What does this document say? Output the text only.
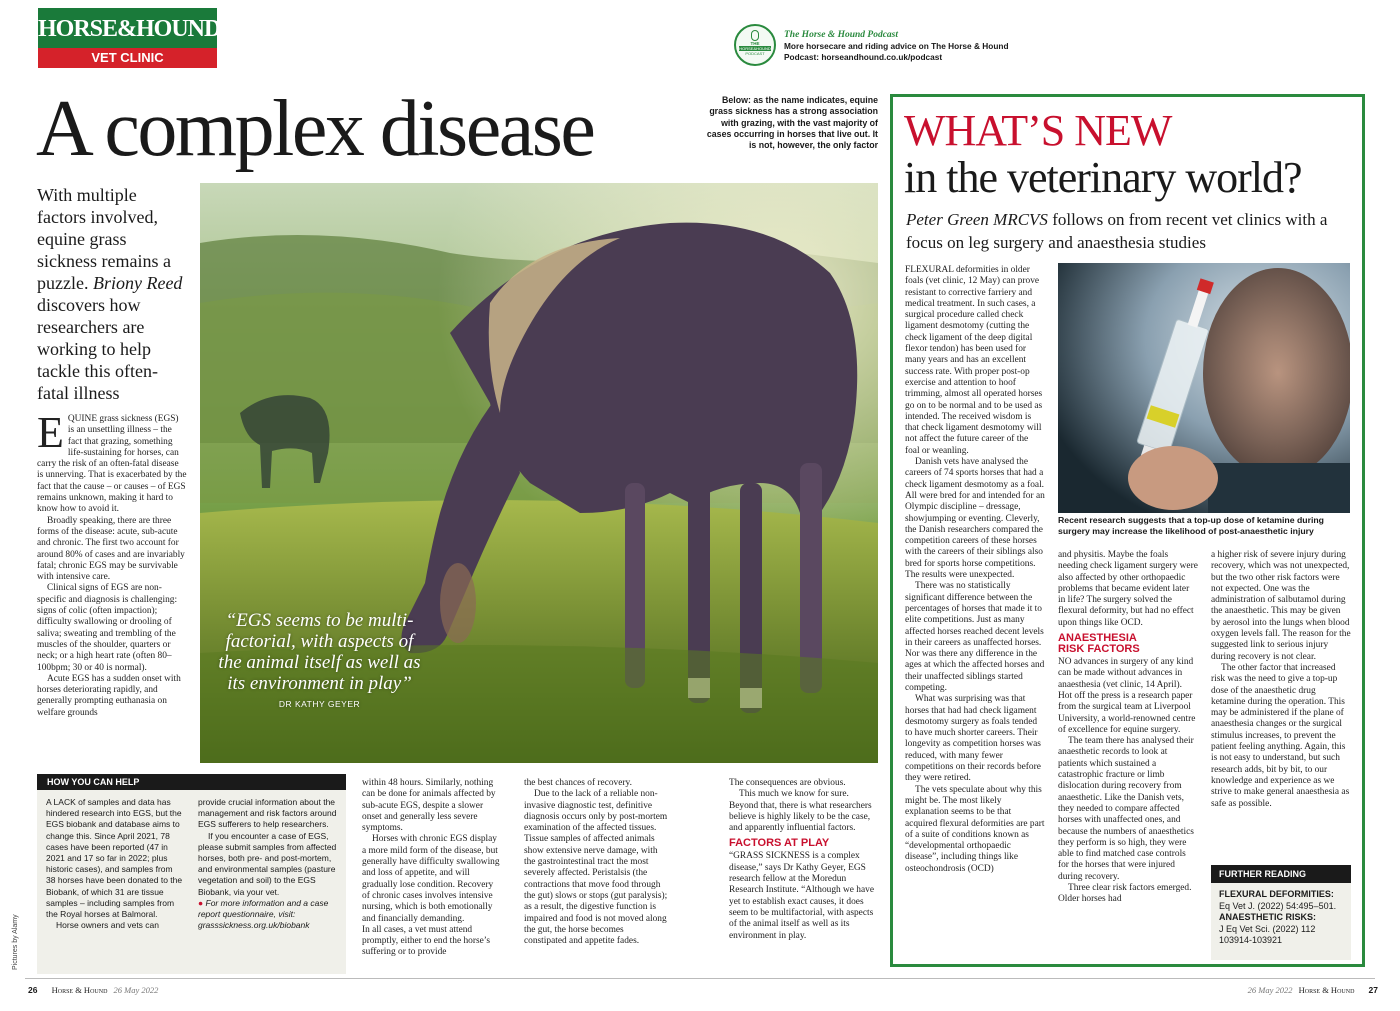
HORSE&HOUND
VET CLINIC
THE
HORSE&HOUND
PODCAST
The Horse & Hound Podcast
More horsecare and riding advice on The Horse & Hound
Podcast: horseandhound.co.uk/podcast
A complex disease	Below: as the name indicates, equine grass sickness has a strong association with grazing, with the vast majority of cases occurring in horses that live out. It is not, however, the only factor
With multiple factors involved, equine grass sickness remains a puzzle. Briony Reed discovers how researchers are working to help tackle this often-fatal illness
“EGS seems to be multi-factorial, with aspects of the animal itself as well as its environment in play”
DR KATHY GEYER

EQUINE grass sickness (EGS) is an unsettling illness – the fact that grazing, something life-sustaining for horses, can carry the risk of an often-fatal disease is unnerving. That is exacerbated by the fact that the cause – or causes – of EGS remains unknown, making it hard to know how to avoid it.

Broadly speaking, there are three forms of the disease: acute, sub-acute and chronic. The first two account for around 80% of cases and are invariably fatal; chronic EGS may be survivable with intensive care.

Clinical signs of EGS are non-specific and diagnosis is challenging: signs of colic (often impaction); difficulty swallowing or drooling of saliva; sweating and trembling of the muscles of the shoulder, quarters or neck; or a high heart rate (often 80–100bpm; 30 or 40 is normal).

Acute EGS has a sudden onset with horses deteriorating rapidly, and generally prompting euthanasia on welfare grounds

HOW YOU CAN HELP
A LACK of samples and data has hindered research into EGS, but the EGS biobank and database aims to change this. Since April 2021, 78 cases have been reported (47 in 2021 and 17 so far in 2022; plus historic cases), and samples from 38 horses have been donated to the Biobank, of which 31 are tissue samples – including samples from the Royal horses at Balmoral.
Horse owners and vets can
provide crucial information about the management and risk factors around EGS sufferers to help researchers.
If you encounter a case of EGS, please submit samples from affected horses, both pre- and post-mortem, and environmental samples (pasture vegetation and soil) to the EGS Biobank, via your vet.
● For more information and a case report questionnaire, visit: grasssickness.org.uk/biobank
Pictures by Alamy

within 48 hours. Similarly, nothing can be done for animals affected by sub-acute EGS, despite a slower onset and generally less severe symptoms.

Horses with chronic EGS display a more mild form of the disease, but generally have difficulty swallowing and loss of appetite, and will gradually lose condition. Recovery of chronic cases involves intensive nursing, which is both emotionally and financially demanding.

In all cases, a vet must attend promptly, either to end the horse’s suffering or to provide

the best chances of recovery.

Due to the lack of a reliable non-invasive diagnostic test, definitive diagnosis occurs only by post-mortem examination of the affected tissues. Tissue samples of affected animals show extensive nerve damage, with the gastrointestinal tract the most severely affected. Peristalsis (the contractions that move food through the gut) slows or stops (gut paralysis); as a result, the digestive function is impaired and food is not moved along the gut, the horse becomes constipated and appetite fades.

The consequences are obvious.

This much we know for sure. Beyond that, there is what researchers believe is highly likely to be the case, and apparently influential factors.

FACTORS AT PLAY

“GRASS SICKNESS is a complex disease,” says Dr Kathy Geyer, EGS research fellow at the Moredun Research Institute. “Although we have yet to establish exact causes, it does seem to be multifactorial, with aspects of the animal itself as well as its environment in play.

WHAT’S NEW
in the veterinary world?
Peter Green MRCVS follows on from recent vet clinics with a focus on leg surgery and anaesthesia studies
Recent research suggests that a top-up dose of ketamine during surgery may increase the likelihood of post-anaesthetic injury

FLEXURAL deformities in older foals (vet clinic, 12 May) can prove resistant to corrective farriery and medical treatment. In such cases, a surgical procedure called check ligament desmotomy (cutting the check ligament of the deep digital flexor tendon) has been used for many years and has an excellent success rate. With proper post-op exercise and attention to hoof trimming, almost all operated horses go on to be normal and to be used as intended. The received wisdom is that check ligament desmotomy will not affect the future career of the foal or weanling.

Danish vets have analysed the careers of 74 sports horses that had a check ligament desmotomy as a foal. All were bred for and intended for an Olympic discipline – dressage, showjumping or eventing. Cleverly, the Danish researchers compared the competition careers of these horses with the careers of their siblings also bred for sports horse competitions. The results were unexpected.

There was no statistically significant difference between the percentages of horses that made it to elite competitions. Just as many affected horses reached decent levels in their careers as unaffected horses. Nor was there any difference in the ages at which the affected horses and their unaffected siblings started competing.

What was surprising was that horses that had had check ligament desmotomy surgery as foals tended to have much shorter careers. Their longevity as competition horses was reduced, with many fewer competitions on their records before they were retired.

The vets speculate about why this might be. The most likely explanation seems to be that acquired flexural deformities are part of a suite of conditions known as “developmental orthopaedic disease”, including things like osteochondrosis (OCD)

and physitis. Maybe the foals needing check ligament surgery were also affected by other orthopaedic problems that became evident later in life? The surgery solved the flexural deformity, but had no effect upon things like OCD.

ANAESTHESIA RISK FACTORS

NO advances in surgery of any kind can be made without advances in anaesthesia (vet clinic, 14 April). Hot off the press is a research paper from the surgical team at Liverpool University, a world-renowned centre of excellence for equine surgery.

The team there has analysed their anaesthetic records to look at patients which sustained a catastrophic fracture or limb dislocation during recovery from anaesthetic. Like the Danish vets, they needed to compare affected horses with unaffected ones, and because the numbers of anaesthetics they perform is so high, they were able to find matched case controls for the horses that were injured during recovery.

Three clear risk factors emerged. Older horses had

a higher risk of severe injury during recovery, which was not unexpected, but the two other risk factors were not expected. One was the administration of salbutamol during the anaesthetic. This may be given by aerosol into the lungs when blood oxygen levels fall. The reason for the suggested link to serious injury during recovery is not clear.

The other factor that increased risk was the need to give a top-up dose of the anaesthetic drug ketamine during the operation. This may be administered if the plane of anaesthesia changes or the surgical stimulus increases, to prevent the patient feeling anything. Again, this is not easy to understand, but such research adds, bit by bit, to our knowledge and experience as we strive to make general anaesthesia as safe as possible.

FURTHER READING
FLEXURAL DEFORMITIES:
Eq Vet J. (2022) 54:495–501.
ANAESTHETIC RISKS:
J Eq Vet Sci. (2022) 112 103914-103921
26 Horse & Hound 26 May 2022	26 May 2022 Horse & Hound 27
